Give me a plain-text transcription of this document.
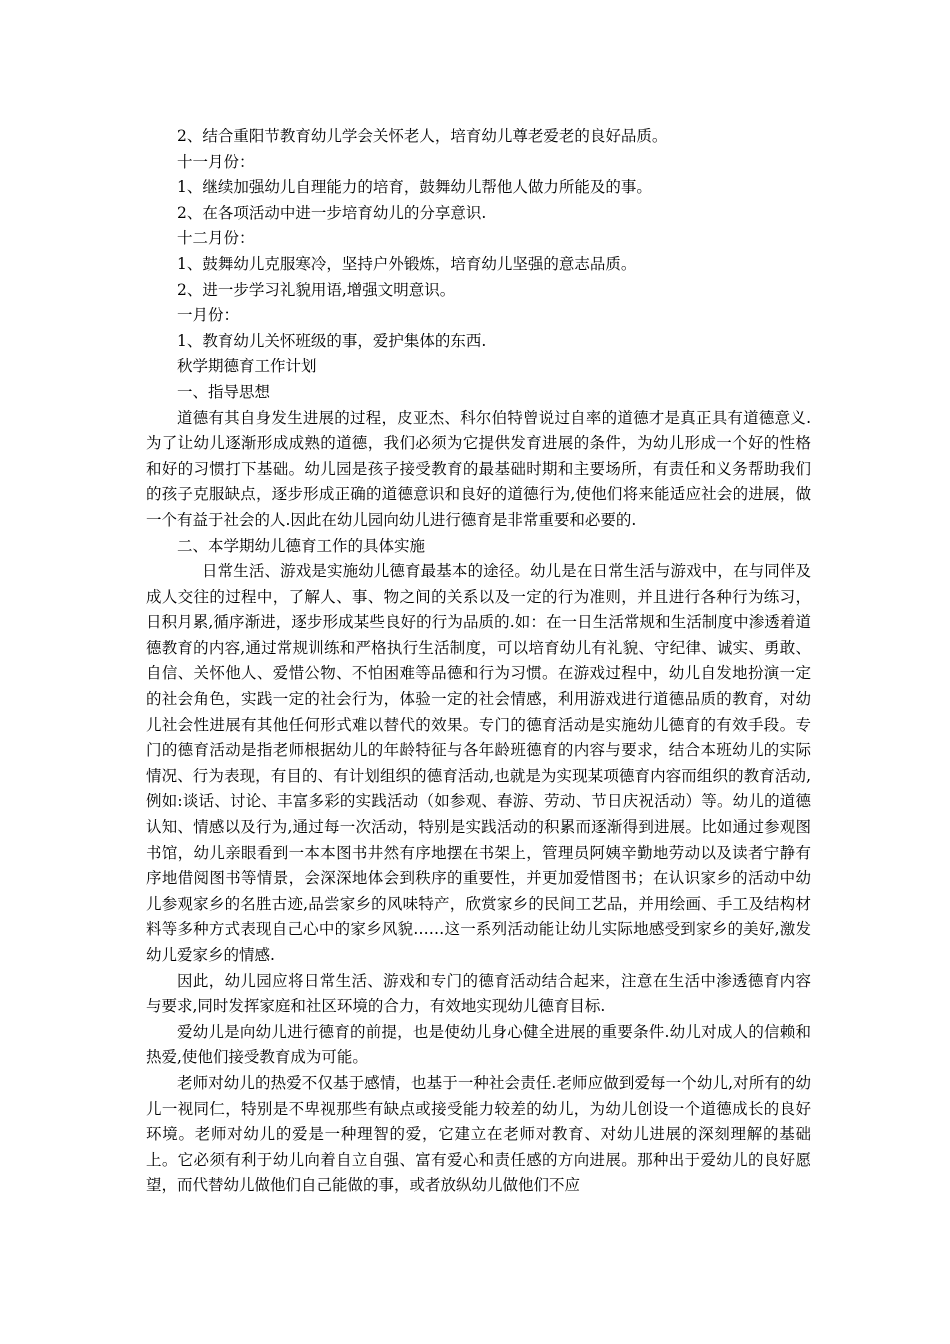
2、结合重阳节教育幼儿学会关怀老人，培育幼儿尊老爱老的良好品质。

十一月份：

1、继续加强幼儿自理能力的培育，鼓舞幼儿帮他人做力所能及的事。

2、在各项活动中进一步培育幼儿的分享意识.

十二月份：

1、鼓舞幼儿克服寒冷，坚持户外锻炼，培育幼儿坚强的意志品质。

2、进一步学习礼貌用语,增强文明意识。

一月份：

1、教育幼儿关怀班级的事，爱护集体的东西.

秋学期德育工作计划

一、指导思想

道德有其自身发生进展的过程，皮亚杰、科尔伯特曾说过自率的道德才是真正具有道德意义.为了让幼儿逐渐形成成熟的道德，我们必须为它提供发育进展的条件，为幼儿形成一个好的性格和好的习惯打下基础。幼儿园是孩子接受教育的最基础时期和主要场所，有责任和义务帮助我们的孩子克服缺点，逐步形成正确的道德意识和良好的道德行为,使他们将来能适应社会的进展，做一个有益于社会的人.因此在幼儿园向幼儿进行德育是非常重要和必要的.

二、本学期幼儿德育工作的具体实施

日常生活、游戏是实施幼儿德育最基本的途径。幼儿是在日常生活与游戏中，在与同伴及成人交往的过程中，了解人、事、物之间的关系以及一定的行为准则，并且进行各种行为练习，日积月累,循序渐进，逐步形成某些良好的行为品质的.如：在一日生活常规和生活制度中渗透着道德教育的内容,通过常规训练和严格执行生活制度，可以培育幼儿有礼貌、守纪律、诚实、勇敢、自信、关怀他人、爱惜公物、不怕困难等品德和行为习惯。在游戏过程中，幼儿自发地扮演一定的社会角色，实践一定的社会行为，体验一定的社会情感，利用游戏进行道德品质的教育，对幼儿社会性进展有其他任何形式难以替代的效果。专门的德育活动是实施幼儿德育的有效手段。专门的德育活动是指老师根据幼儿的年龄特征与各年龄班德育的内容与要求，结合本班幼儿的实际情况、行为表现，有目的、有计划组织的德育活动,也就是为实现某项德育内容而组织的教育活动,例如:谈话、讨论、丰富多彩的实践活动（如参观、春游、劳动、节日庆祝活动）等。幼儿的道德认知、情感以及行为,通过每一次活动，特别是实践活动的积累而逐渐得到进展。比如通过参观图书馆，幼儿亲眼看到一本本图书井然有序地摆在书架上，管理员阿姨辛勤地劳动以及读者宁静有序地借阅图书等情景，会深深地体会到秩序的重要性，并更加爱惜图书；在认识家乡的活动中幼儿参观家乡的名胜古迹,品尝家乡的风味特产，欣赏家乡的民间工艺品，并用绘画、手工及结构材料等多种方式表现自己心中的家乡风貌……这一系列活动能让幼儿实际地感受到家乡的美好,激发幼儿爱家乡的情感.

因此，幼儿园应将日常生活、游戏和专门的德育活动结合起来，注意在生活中渗透德育内容与要求,同时发挥家庭和社区环境的合力，有效地实现幼儿德育目标.

爱幼儿是向幼儿进行德育的前提，也是使幼儿身心健全进展的重要条件.幼儿对成人的信赖和热爱,使他们接受教育成为可能。

老师对幼儿的热爱不仅基于感情，也基于一种社会责任.老师应做到爱每一个幼儿,对所有的幼儿一视同仁，特别是不卑视那些有缺点或接受能力较差的幼儿，为幼儿创设一个道德成长的良好环境。老师对幼儿的爱是一种理智的爱，它建立在老师对教育、对幼儿进展的深刻理解的基础上。它必须有利于幼儿向着自立自强、富有爱心和责任感的方向进展。那种出于爱幼儿的良好愿望，而代替幼儿做他们自己能做的事，或者放纵幼儿做他们不应
